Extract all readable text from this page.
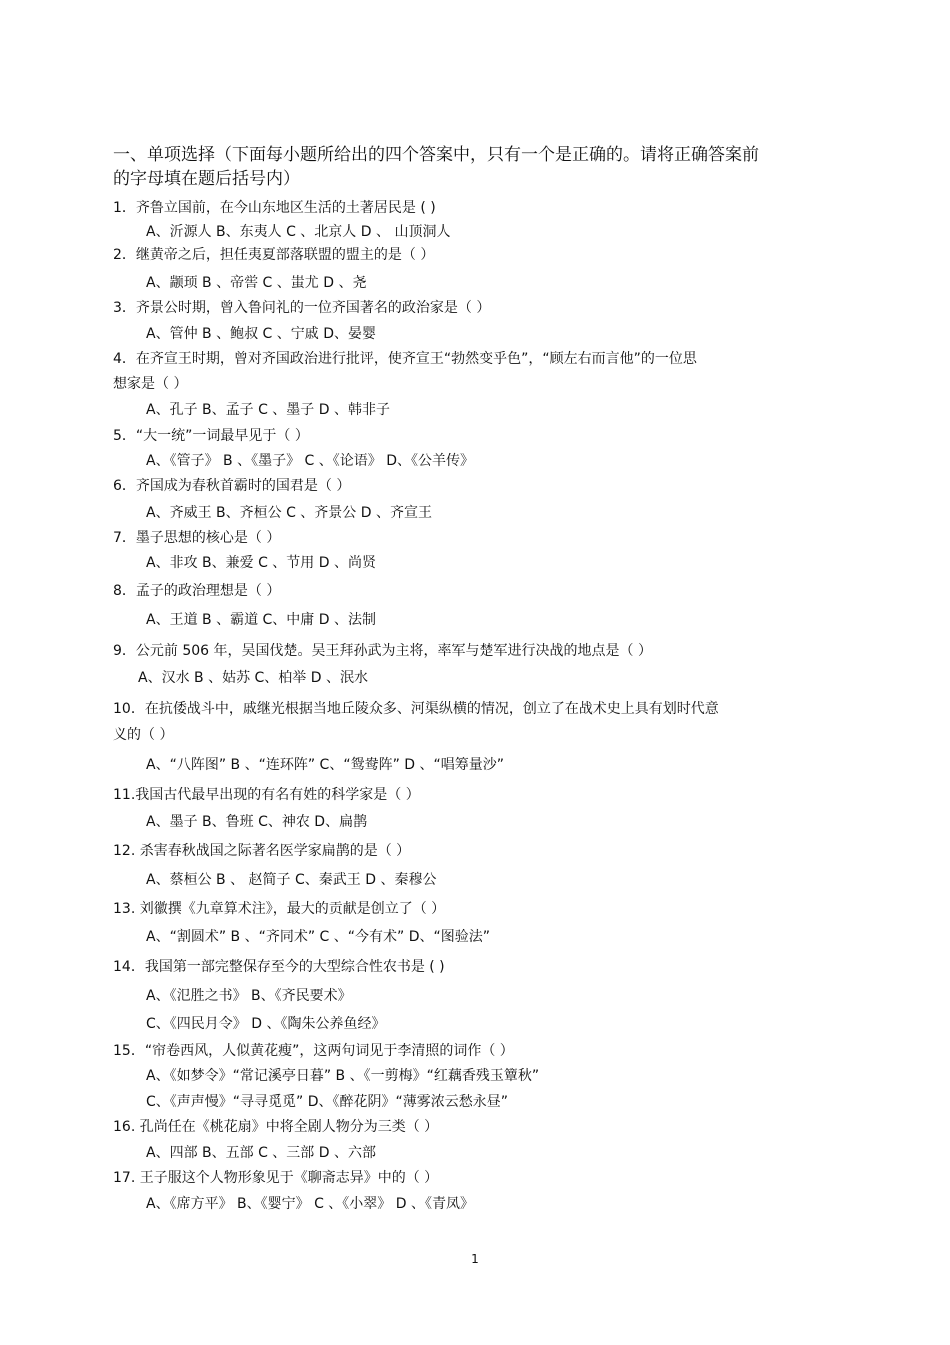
一、单项选择（下面每小题所给出的四个答案中，只有一个是正确的。请将正确答案前
的字母填在题后括号内）

1．齐鲁立国前，在今山东地区生活的土著居民是 ( )

A、沂源人 B、东夷人 C 、北京人 D 、 山顶洞人

2．继黄帝之后，担任夷夏部落联盟的盟主的是（ ）

A、颛顼 B 、帝喾 C 、蚩尤 D 、尧

3．齐景公时期，曾入鲁问礼的一位齐国著名的政治家是（ ）

A、管仲 B 、鲍叔 C 、宁戚 D、晏婴

4．在齐宣王时期，曾对齐国政治进行批评，使齐宣王“勃然变乎色”，“顾左右而言他”的一位思

想家是（ ）

A、孔子 B、孟子 C 、墨子 D 、韩非子

5．“大一统”一词最早见于（ ）

A、《管子》 B 、《墨子》 C 、《论语》 D、《公羊传》

6．齐国成为春秋首霸时的国君是（ ）

A、齐威王 B、齐桓公 C 、齐景公 D 、齐宣王

7．墨子思想的核心是（ ）

A、非攻 B、兼爱 C 、节用 D 、尚贤

8．孟子的政治理想是（ ）

A、王道 B 、霸道 C、中庸 D 、法制

9．公元前 506 年，吴国伐楚。吴王拜孙武为主将，率军与楚军进行决战的地点是（ ）

A、汉水 B 、姑苏 C、柏举 D 、泯水

10．在抗倭战斗中，戚继光根据当地丘陵众多、河渠纵横的情况，创立了在战术史上具有划时代意

义的（ ）

A、“八阵图” B 、“连环阵” C、“鸳鸯阵” D 、“唱筹量沙”

11.我国古代最早出现的有名有姓的科学家是（ ）

A、墨子 B、鲁班 C、神农 D、扁鹊

12. 杀害春秋战国之际著名医学家扁鹊的是（ ）

A、蔡桓公 B 、 赵简子 C、秦武王 D 、秦穆公

13. 刘徽撰《九章算术注》，最大的贡献是创立了（ ）

A、“割圆术” B 、“齐同术” C 、“今有术” D、“图验法”

14．我国第一部完整保存至今的大型综合性农书是 ( )

A、《氾胜之书》 B、《齐民要术》

C、《四民月令》 D 、《陶朱公养鱼经》

15．“帘卷西风，人似黄花瘦”，这两句词见于李清照的词作（ ）

A、《如梦令》“常记溪亭日暮” B 、《一剪梅》“红藕香残玉簟秋”

C、《声声慢》“寻寻觅觅” D、《醉花阴》“薄雾浓云愁永昼”

16. 孔尚任在《桃花扇》中将全剧人物分为三类（ ）

A、四部 B、五部 C 、三部 D 、六部

17. 王子服这个人物形象见于《聊斋志异》中的（ ）

A、《席方平》 B、《婴宁》 C 、《小翠》 D 、《青凤》

1
